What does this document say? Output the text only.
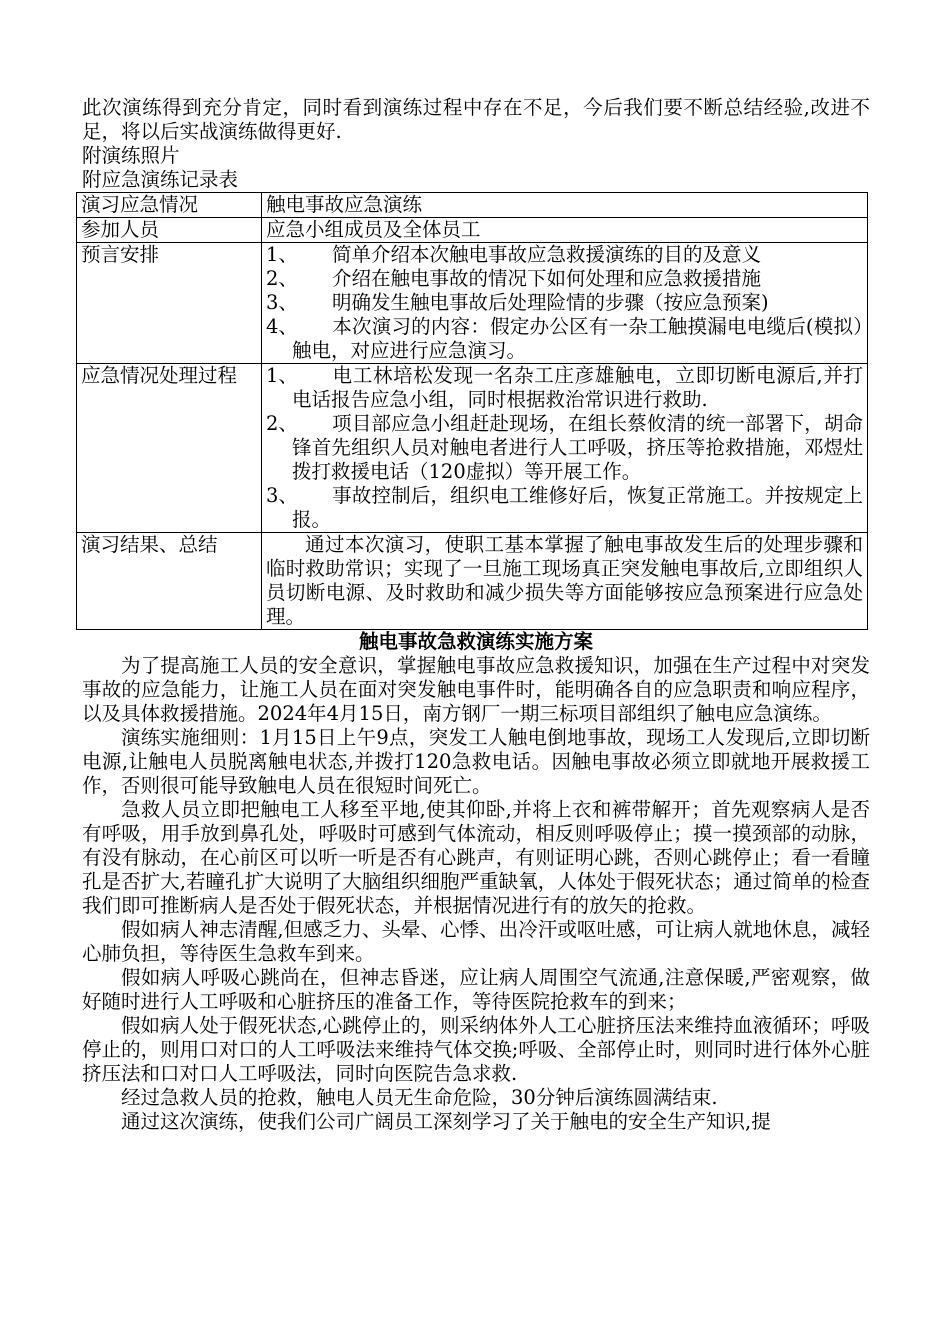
此次演练得到充分肯定，同时看到演练过程中存在不足，今后我们要不断总结经验,改进不足，将以后实战演练做得更好.

附演练照片

附应急演练记录表

演习应急情况	触电事故应急演练
参加人员	应急小组成员及全体员工
预言安排	1、 简单介绍本次触电事故应急救援演练的目的及意义
2、 介绍在触电事故的情况下如何处理和应急救援措施
3、 明确发生触电事故后处理险情的步骤（按应急预案)
4、 本次演习的内容：假定办公区有一杂工触摸漏电电缆后(模拟）触电，对应进行应急演习。

应急情况处理过程	1、 电工林培松发现一名杂工庄彦雄触电，立即切断电源后,并打电话报告应急小组，同时根据救治常识进行救助.
2、 项目部应急小组赶赴现场，在组长蔡攸清的统一部署下，胡命锋首先组织人员对触电者进行人工呼吸，挤压等抢救措施，邓煜灶拨打救援电话（120虚拟）等开展工作。
3、 事故控制后，组织电工维修好后，恢复正常施工。并按规定上报。

演习结果、总结	通过本次演习，使职工基本掌握了触电事故发生后的处理步骤和临时救助常识；实现了一旦施工现场真正突发触电事故后,立即组织人员切断电源、及时救助和减少损失等方面能够按应急预案进行应急处理。
触电事故急救演练实施方案

为了提高施工人员的安全意识，掌握触电事故应急救援知识，加强在生产过程中对突发事故的应急能力，让施工人员在面对突发触电事件时，能明确各自的应急职责和响应程序，以及具体救援措施。2024年4月15日，南方钢厂一期三标项目部组织了触电应急演练。

演练实施细则：1月15日上午9点，突发工人触电倒地事故，现场工人发现后,立即切断电源,让触电人员脱离触电状态,并拨打120急救电话。因触电事故必须立即就地开展救援工作，否则很可能导致触电人员在很短时间死亡。

急救人员立即把触电工人移至平地,使其仰卧,并将上衣和裤带解开；首先观察病人是否有呼吸，用手放到鼻孔处，呼吸时可感到气体流动，相反则呼吸停止；摸一摸颈部的动脉，有没有脉动，在心前区可以听一听是否有心跳声，有则证明心跳，否则心跳停止；看一看瞳孔是否扩大,若瞳孔扩大说明了大脑组织细胞严重缺氧，人体处于假死状态；通过简单的检查我们即可推断病人是否处于假死状态，并根据情况进行有的放矢的抢救。

假如病人神志清醒,但感乏力、头晕、心悸、出冷汗或呕吐感，可让病人就地休息，减轻心肺负担，等待医生急救车到来。

假如病人呼吸心跳尚在，但神志昏迷，应让病人周围空气流通,注意保暖,严密观察，做好随时进行人工呼吸和心脏挤压的准备工作，等待医院抢救车的到来；

假如病人处于假死状态,心跳停止的，则采纳体外人工心脏挤压法来维持血液循环；呼吸停止的，则用口对口的人工呼吸法来维持气体交换;呼吸、全部停止时，则同时进行体外心脏挤压法和口对口人工呼吸法，同时向医院告急求救.

经过急救人员的抢救，触电人员无生命危险，30分钟后演练圆满结束.

通过这次演练，使我们公司广阔员工深刻学习了关于触电的安全生产知识,提
